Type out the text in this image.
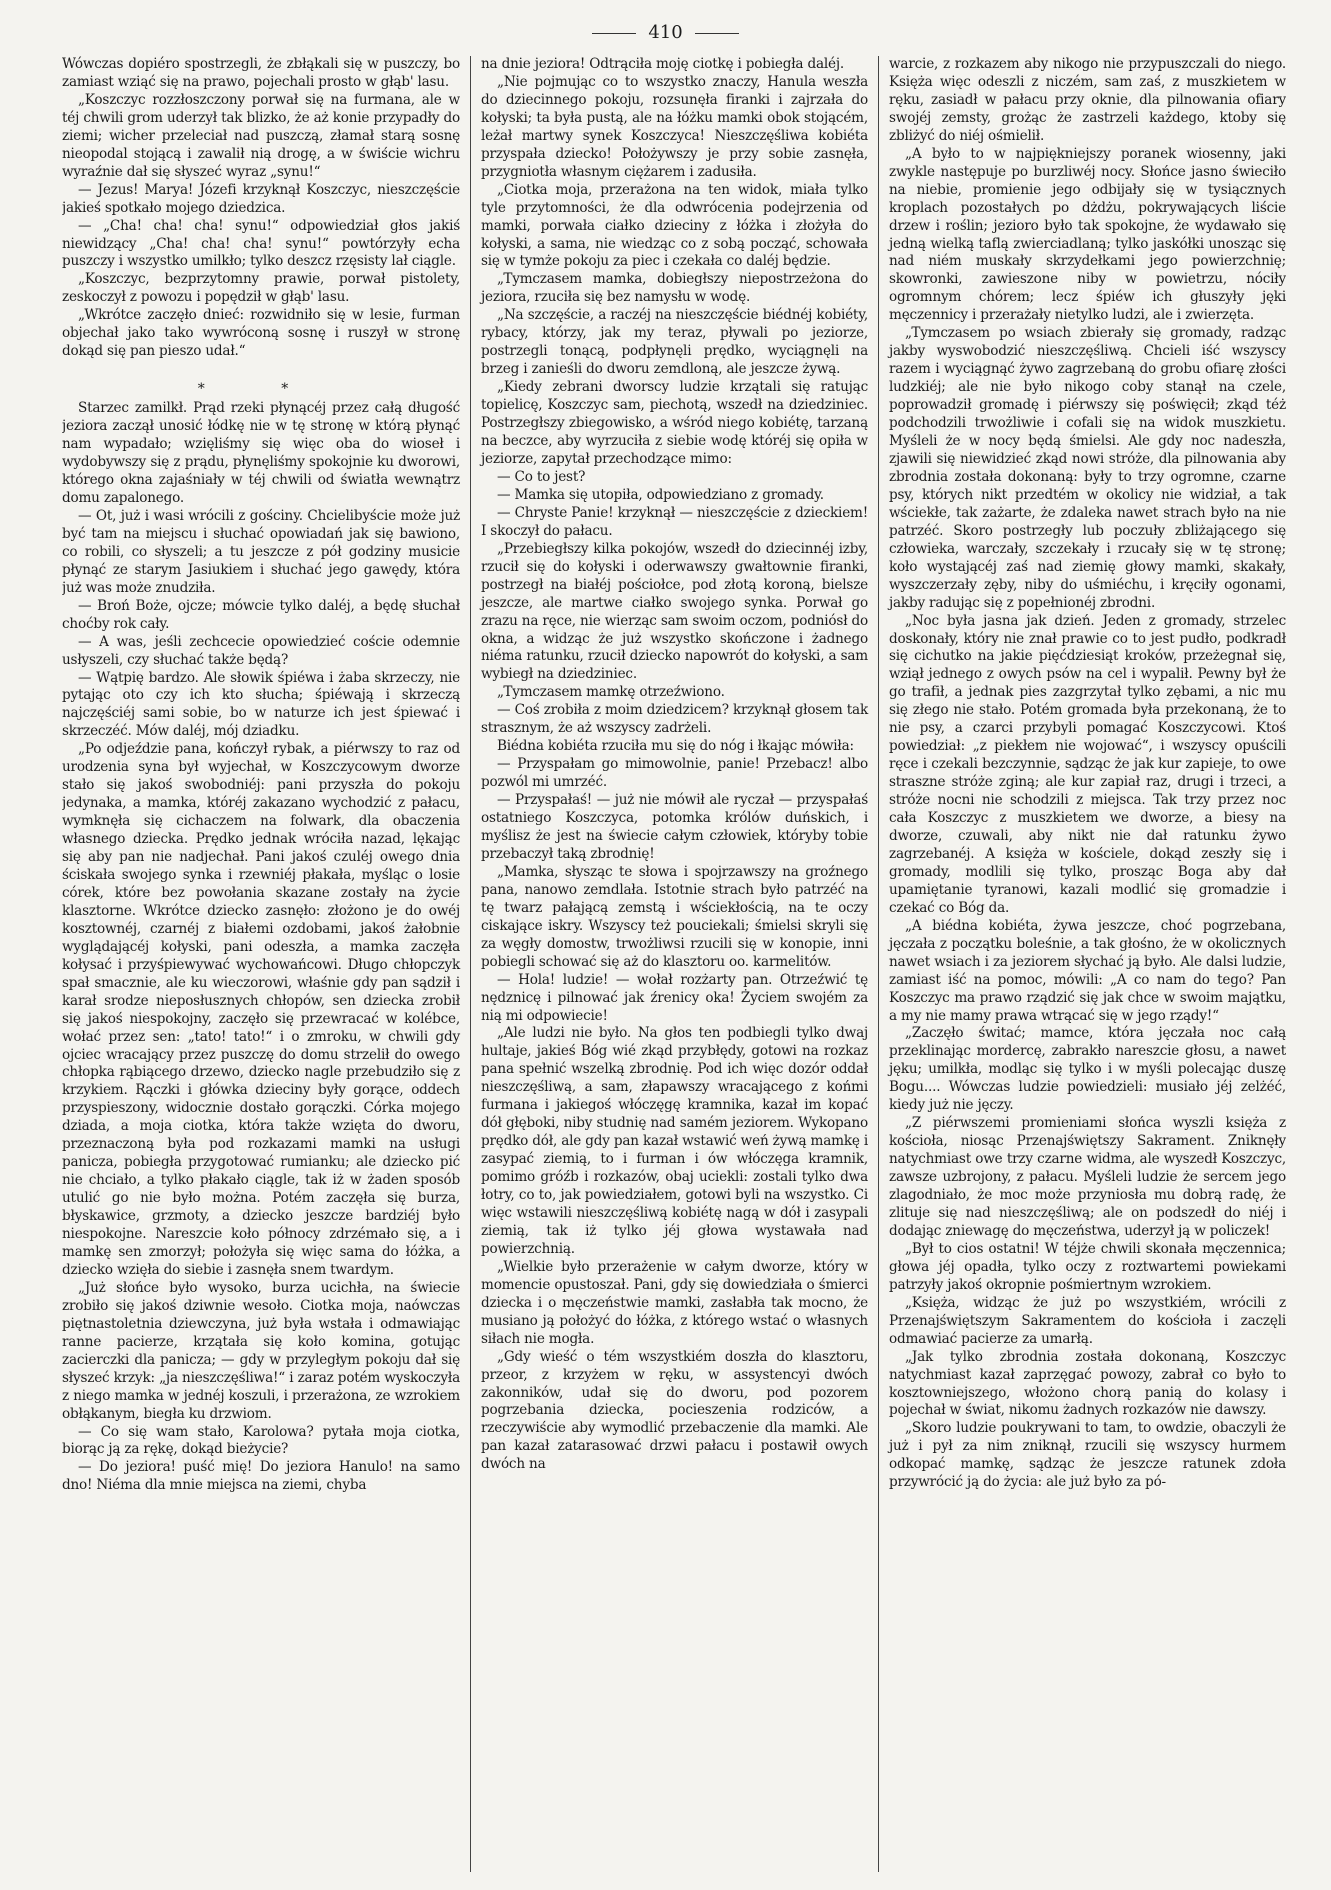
410

Wówczas dopiéro spostrzegli, że zbłąkali się w puszczy, bo zamiast wziąć się na prawo, pojechali prosto w głąb' lasu.

„Koszczyc rozzłoszczony porwał się na furmana, ale w téj chwili grom uderzył tak blizko, że aż konie przypadły do ziemi; wicher przeleciał nad puszczą, złamał starą sosnę nieopodal stojącą i zawalił nią drogę, a w świście wichru wyraźnie dał się słyszeć wyraz „synu!“

— Jezus! Marya! Józefi krzyknął Koszczyc, nieszczęście jakieś spotkało mojego dziedzica.

— „Cha! cha! cha! synu!“ odpowiedział głos jakiś niewidzący „Cha! cha! cha! synu!“ powtórzyły echa puszczy i wszystko umilkło; tylko deszcz rzęsisty lał ciągle.

„Koszczyc, bezprzytomny prawie, porwał pistolety, zeskoczył z powozu i popędził w głąb' lasu.

„Wkrótce zaczęło dnieć: rozwidniło się w lesie, furman objechał jako tako wywróconą sosnę i ruszył w stronę dokąd się pan pieszo udał.“

* *

Starzec zamilkł. Prąd rzeki płynącéj przez całą długość jeziora zaczął unosić łódkę nie w tę stronę w którą płynąć nam wypadało; wzięliśmy się więc oba do wioseł i wydobywszy się z prądu, płynęliśmy spokojnie ku dworowi, którego okna zajaśniały w téj chwili od światła wewnątrz domu zapalonego.

— Ot, już i wasi wrócili z gościny. Chcielibyście może już być tam na miejscu i słuchać opowiadań jak się bawiono, co robili, co słyszeli; a tu jeszcze z pół godziny musicie płynąć ze starym Jasiukiem i słuchać jego gawędy, która już was może znudziła.

— Broń Boże, ojcze; mówcie tylko daléj, a będę słuchał choćby rok cały.

— A was, jeśli zechcecie opowiedzieć coście odemnie usłyszeli, czy słuchać także będą?

— Wątpię bardzo. Ale słowik śpiéwa i żaba skrzeczy, nie pytając oto czy ich kto słucha; śpiéwają i skrzeczą najczęściéj sami sobie, bo w naturze ich jest śpiewać i skrzeczéć. Mów daléj, mój dziadku.

„Po odjeździe pana, kończył rybak, a piérwszy to raz od urodzenia syna był wyjechał, w Koszczycowym dworze stało się jakoś swobodniéj: pani przyszła do pokoju jedynaka, a mamka, któréj zakazano wychodzić z pałacu, wymknęła się cichaczem na folwark, dla obaczenia własnego dziecka. Prędko jednak wróciła nazad, lękając się aby pan nie nadjechał. Pani jakoś czuléj owego dnia ściskała swojego synka i rzewniéj płakała, myśląc o losie córek, które bez powołania skazane zostały na życie klasztorne. Wkrótce dziecko zasnęło: złożono je do owéj kosztownéj, czarnéj z białemi ozdobami, jakoś żałobnie wyglądającéj kołyski, pani odeszła, a mamka zaczęła kołysać i przyśpiewywać wychowańcowi. Długo chłopczyk spał smacznie, ale ku wieczorowi, właśnie gdy pan sądził i karał srodze nieposłusznych chłopów, sen dziecka zrobił się jakoś niespokojny, zaczęło się przewracać w kolébce, wołać przez sen: „tato! tato!“ i o zmroku, w chwili gdy ojciec wracający przez puszczę do domu strzelił do owego chłopka rąbiącego drzewo, dziecko nagle przebudziło się z krzykiem. Rączki i główka dzieciny były gorące, oddech przyspieszony, widocznie dostało gorączki. Córka mojego dziada, a moja ciotka, która także wzięta do dworu, przeznaczoną była pod rozkazami mamki na usługi panicza, pobiegła przygotować rumianku; ale dziecko pić nie chciało, a tylko płakało ciągle, tak iż w żaden sposób utulić go nie było można. Potém zaczęła się burza, błyskawice, grzmoty, a dziecko jeszcze bardziéj było niespokojne. Nareszcie koło północy zdrzémało się, a i mamkę sen zmorzył; położyła się więc sama do łóżka, a dziecko wzięła do siebie i zasnęła snem twardym.

„Już słońce było wysoko, burza ucichła, na świecie zrobiło się jakoś dziwnie wesoło. Ciotka moja, naówczas piętnastoletnia dziewczyna, już była wstała i odmawiając ranne pacierze, krzątała się koło komina, gotując zacierczki dla panicza; — gdy w przyległym pokoju dał się słyszeć krzyk: „ja nieszczęśliwa!“ i zaraz potém wyskoczyła z niego mamka w jednéj koszuli, i przerażona, ze wzrokiem obłąkanym, biegła ku drzwiom.

— Co się wam stało, Karolowa? pytała moja ciotka, biorąc ją za rękę, dokąd bieżycie?

— Do jeziora! puść mię! Do jeziora Hanulo! na samo dno! Niéma dla mnie miejsca na ziemi, chyba

na dnie jeziora! Odtrąciła moję ciotkę i pobiegła daléj.

„Nie pojmując co to wszystko znaczy, Hanula weszła do dziecinnego pokoju, rozsunęła firanki i zajrzała do kołyski; ta była pustą, ale na łóżku mamki obok stojącém, leżał martwy synek Koszczyca! Nieszczęśliwa kobiéta przyspała dziecko! Położywszy je przy sobie zasnęła, przygniotła własnym ciężarem i zadusiła.

„Ciotka moja, przerażona na ten widok, miała tylko tyle przytomności, że dla odwrócenia podejrzenia od mamki, porwała ciałko dzieciny z łóżka i złożyła do kołyski, a sama, nie wiedząc co z sobą począć, schowała się w tymże pokoju za piec i czekała co daléj będzie.

„Tymczasem mamka, dobiegłszy niepostrzeżona do jeziora, rzuciła się bez namysłu w wodę.

„Na szczęście, a raczéj na nieszczęście biédnéj kobiéty, rybacy, którzy, jak my teraz, pływali po jeziorze, postrzegli tonącą, podpłynęli prędko, wyciągnęli na brzeg i zanieśli do dworu zemdloną, ale jeszcze żywą.

„Kiedy zebrani dworscy ludzie krzątali się ratując topielicę, Koszczyc sam, piechotą, wszedł na dziedziniec. Postrzegłszy zbiegowisko, a wśród niego kobiétę, tarzaną na beczce, aby wyrzuciła z siebie wodę któréj się opiła w jeziorze, zapytał przechodzące mimo:

— Co to jest?

— Mamka się utopiła, odpowiedziano z gromady.

— Chryste Panie! krzyknął — nieszczęście z dzieckiem! I skoczył do pałacu.

„Przebiegłszy kilka pokojów, wszedł do dziecinnéj izby, rzucił się do kołyski i oderwawszy gwałtownie firanki, postrzegł na białéj pościołce, pod złotą koroną, bielsze jeszcze, ale martwe ciałko swojego synka. Porwał go zrazu na ręce, nie wierząc sam swoim oczom, podniósł do okna, a widząc że już wszystko skończone i żadnego niéma ratunku, rzucił dziecko napowrót do kołyski, a sam wybiegł na dziedziniec.

„Tymczasem mamkę otrzeźwiono.

— Coś zrobiła z moim dziedzicem? krzyknął głosem tak strasznym, że aż wszyscy zadrżeli.

Biédna kobiéta rzuciła mu się do nóg i łkając mówiła:

— Przyspałam go mimowolnie, panie! Przebacz! albo pozwól mi umrzéć.

— Przyspałaś! — już nie mówił ale ryczał — przyspałaś ostatniego Koszczyca, potomka królów duńskich, i myślisz że jest na świecie całym człowiek, któryby tobie przebaczył taką zbrodnię!

„Mamka, słysząc te słowa i spojrzawszy na groźnego pana, nanowo zemdlała. Istotnie strach było patrzéć na tę twarz pałającą zemstą i wściekłością, na te oczy ciskające iskry. Wszyscy też pouciekali; śmielsi skryli się za węgły domostw, trwożliwsi rzucili się w konopie, inni pobiegli schować się aż do klasztoru oo. karmelitów.

— Hola! ludzie! — wołał rozżarty pan. Otrzeźwić tę nędznicę i pilnować jak źrenicy oka! Życiem swojém za nią mi odpowiecie!

„Ale ludzi nie było. Na głos ten podbiegli tylko dwaj hultaje, jakieś Bóg wié zkąd przybłędy, gotowi na rozkaz pana spełnić wszelką zbrodnię. Pod ich więc dozór oddał nieszczęśliwą, a sam, złapawszy wracającego z końmi furmana i jakiegoś włóczęgę kramnika, kazał im kopać dół głęboki, niby studnię nad samém jeziorem. Wykopano prędko dół, ale gdy pan kazał wstawić weń żywą mamkę i zasypać ziemią, to i furman i ów włóczęga kramnik, pomimo gróźb i rozkazów, obaj uciekli: zostali tylko dwa łotry, co to, jak powiedziałem, gotowi byli na wszystko. Ci więc wstawili nieszczęśliwą kobiétę nagą w dół i zasypali ziemią, tak iż tylko jéj głowa wystawała nad powierzchnią.

„Wielkie było przerażenie w całym dworze, który w momencie opustoszał. Pani, gdy się dowiedziała o śmierci dziecka i o męczeństwie mamki, zasłabła tak mocno, że musiano ją położyć do łóżka, z którego wstać o własnych siłach nie mogła.

„Gdy wieść o tém wszystkiém doszła do klasztoru, przeor, z krzyżem w ręku, w assystencyi dwóch zakonników, udał się do dworu, pod pozorem pogrzebania dziecka, pocieszenia rodziców, a rzeczywiście aby wymodlić przebaczenie dla mamki. Ale pan kazał zatarasować drzwi pałacu i postawił owych dwóch na

warcie, z rozkazem aby nikogo nie przypuszczali do niego. Księża więc odeszli z niczém, sam zaś, z muszkietem w ręku, zasiadł w pałacu przy oknie, dla pilnowania ofiary swojéj zemsty, grożąc że zastrzeli każdego, ktoby się zbliżyć do niéj ośmielił.

„A było to w najpiękniejszy poranek wiosenny, jaki zwykle następuje po burzliwéj nocy. Słońce jasno świeciło na niebie, promienie jego odbijały się w tysiącznych kroplach pozostałych po dżdżu, pokrywających liście drzew i roślin; jezioro było tak spokojne, że wydawało się jedną wielką taflą zwierciadlaną; tylko jaskółki unosząc się nad niém muskały skrzydełkami jego powierzchnię; skowronki, zawieszone niby w powietrzu, nóciły ogromnym chórem; lecz śpiéw ich głuszyły jęki męczennicy i przerażały nietylko ludzi, ale i zwierzęta.

„Tymczasem po wsiach zbierały się gromady, radząc jakby wyswobodzić nieszczęśliwą. Chcieli iść wszyscy razem i wyciągnąć żywo zagrzebaną do grobu ofiarę złości ludzkiéj; ale nie było nikogo coby stanął na czele, poprowadził gromadę i piérwszy się poświęcił; zkąd téż podchodzili trwożliwie i cofali się na widok muszkietu. Myśleli że w nocy będą śmielsi. Ale gdy noc nadeszła, zjawili się niewidzieć zkąd nowi stróże, dla pilnowania aby zbrodnia została dokonaną: były to trzy ogromne, czarne psy, których nikt przedtém w okolicy nie widział, a tak wściekłe, tak zażarte, że zdaleka nawet strach było na nie patrzéć. Skoro postrzegły lub poczuły zbliżającego się człowieka, warczały, szczekały i rzucały się w tę stronę; koło wystającéj zaś nad ziemię głowy mamki, skakały, wyszczerzały zęby, niby do uśmiéchu, i kręciły ogonami, jakby radując się z popełnionéj zbrodni.

„Noc była jasna jak dzień. Jeden z gromady, strzelec doskonały, który nie znał prawie co to jest pudło, podkradł się cichutko na jakie pięćdziesiąt kroków, przeżegnał się, wziął jednego z owych psów na cel i wypalił. Pewny był że go trafił, a jednak pies zazgrzytał tylko zębami, a nic mu się złego nie stało. Potém gromada była przekonaną, że to nie psy, a czarci przybyli pomagać Koszczycowi. Ktoś powiedział: „z piekłem nie wojować“, i wszyscy opuścili ręce i czekali bezczynnie, sądząc że jak kur zapieje, to owe straszne stróże zginą; ale kur zapiał raz, drugi i trzeci, a stróże nocni nie schodzili z miejsca. Tak trzy przez noc cała Koszczyc z muszkietem we dworze, a biesy na dworze, czuwali, aby nikt nie dał ratunku żywo zagrzebanéj. A księża w kościele, dokąd zeszły się i gromady, modlili się tylko, prosząc Boga aby dał upamiętanie tyranowi, kazali modlić się gromadzie i czekać co Bóg da.

„A biédna kobiéta, żywa jeszcze, choć pogrzebana, jęczała z początku boleśnie, a tak głośno, że w okolicznych nawet wsiach i za jeziorem słychać ją było. Ale dalsi ludzie, zamiast iść na pomoc, mówili: „A co nam do tego? Pan Koszczyc ma prawo rządzić się jak chce w swoim majątku, a my nie mamy prawa wtrącać się w jego rządy!“

„Zaczęło świtać; mamce, która jęczała noc całą przeklinając mordercę, zabrakło nareszcie głosu, a nawet jęku; umilkła, modląc się tylko i w myśli polecając duszę Bogu.... Wówczas ludzie powiedzieli: musiało jéj zelżéć, kiedy już nie jęczy.

„Z piérwszemi promieniami słońca wyszli księża z kościoła, niosąc Przenajświętszy Sakrament. Zniknęły natychmiast owe trzy czarne widma, ale wyszedł Koszczyc, zawsze uzbrojony, z pałacu. Myśleli ludzie że sercem jego zlagodniało, że moc może przyniosła mu dobrą radę, że zlituje się nad nieszczęśliwą; ale on podszedł do niéj i dodając zniewagę do męczeństwa, uderzył ją w policzek!

„Był to cios ostatni! W téjże chwili skonała męczennica; głowa jéj opadła, tylko oczy z roztwartemi powiekami patrzyły jakoś okropnie pośmiertnym wzrokiem.

„Księża, widząc że już po wszystkiém, wrócili z Przenajświętszym Sakramentem do kościoła i zaczęli odmawiać pacierze za umarłą.

„Jak tylko zbrodnia została dokonaną, Koszczyc natychmiast kazał zaprzęgać powozy, zabrał co było to kosztowniejszego, włożono chorą panią do kolasy i pojechał w świat, nikomu żadnych rozkazów nie dawszy.

„Skoro ludzie poukrywani to tam, to owdzie, obaczyli że już i pył za nim zniknął, rzucili się wszyscy hurmem odkopać mamkę, sądząc że jeszcze ratunek zdoła przywrócić ją do życia: ale już było za pó-
